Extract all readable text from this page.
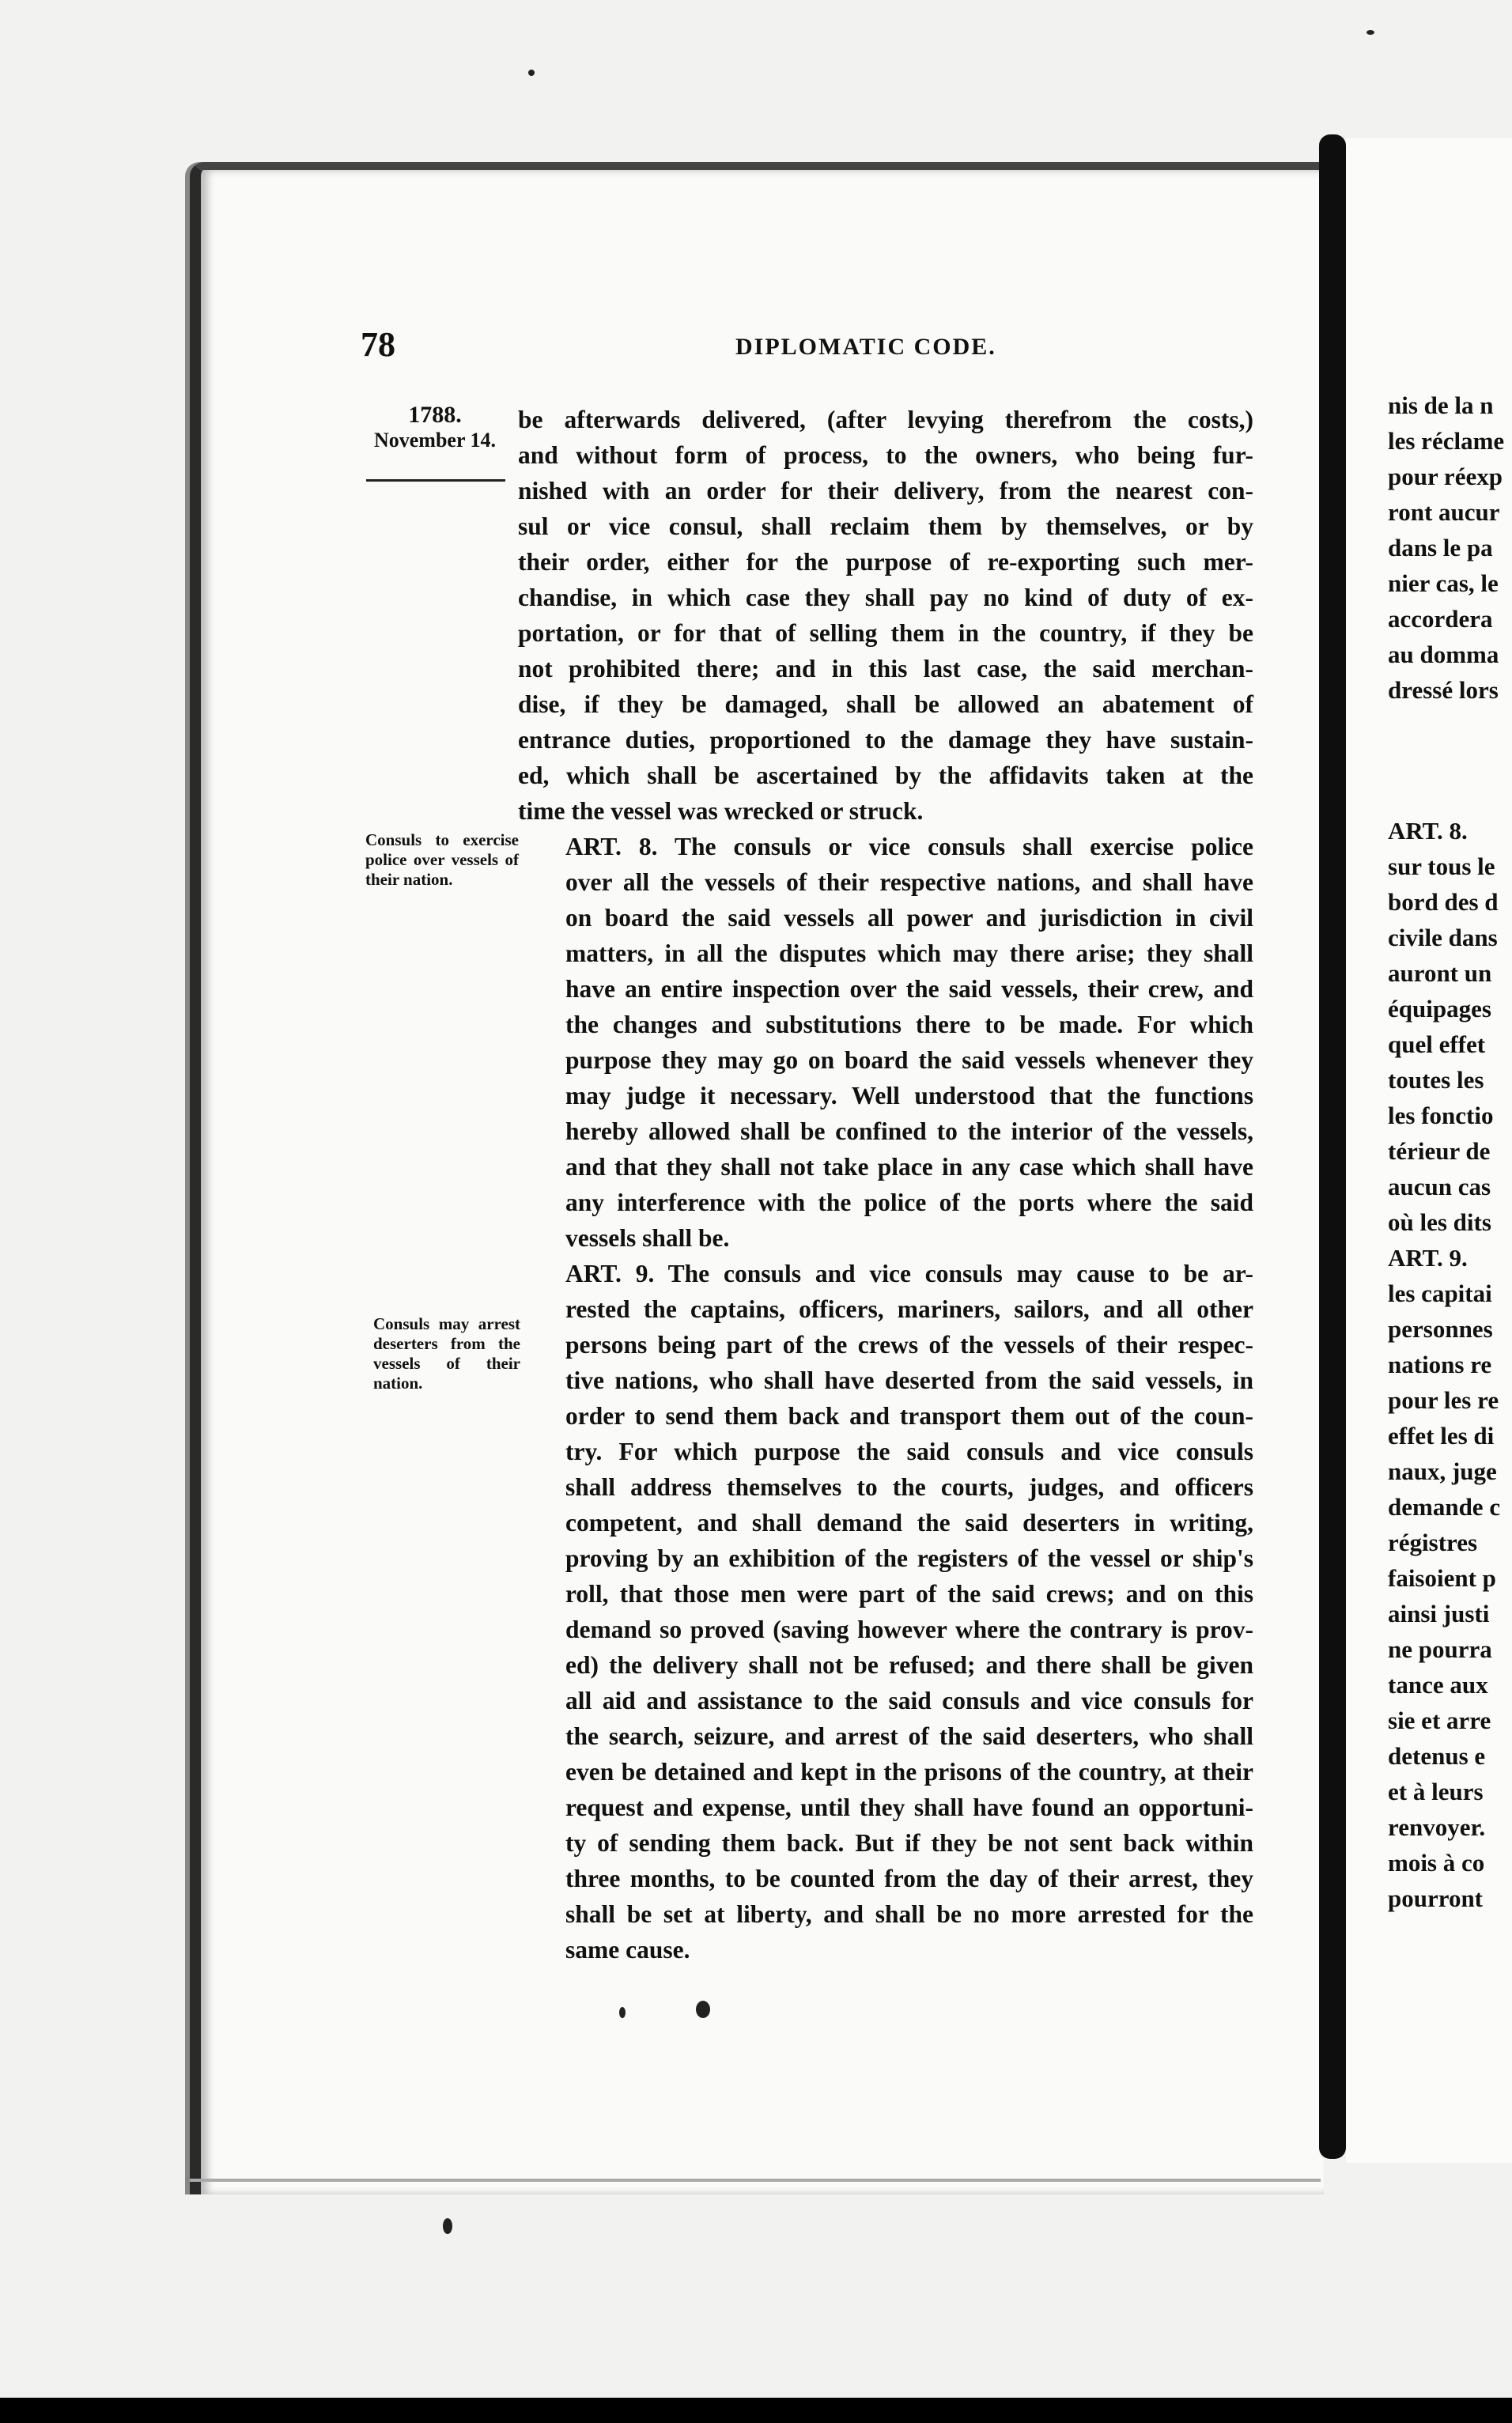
78	DIPLOMATIC CODE.
1788.
November 14.
Consuls to exercise police over vessels of their nation.
Consuls may arrest deserters from the vessels of their nation.

be afterwards delivered, (after levying therefrom the costs,)
and without form of process, to the owners, who being fur-
nished with an order for their delivery, from the nearest con-
sul or vice consul, shall reclaim them by themselves, or by
their order, either for the purpose of re-exporting such mer-
chandise, in which case they shall pay no kind of duty of ex-
portation, or for that of selling them in the country, if they be
not prohibited there; and in this last case, the said merchan-
dise, if they be damaged, shall be allowed an abatement of
entrance duties, proportioned to the damage they have sustain-
ed, which shall be ascertained by the affidavits taken at the
time the vessel was wrecked or struck.

ART. 8. The consuls or vice consuls shall exercise police
over all the vessels of their respective nations, and shall have
on board the said vessels all power and jurisdiction in civil
matters, in all the disputes which may there arise; they shall
have an entire inspection over the said vessels, their crew, and
the changes and substitutions there to be made. For which
purpose they may go on board the said vessels whenever they
may judge it necessary. Well understood that the functions
hereby allowed shall be confined to the interior of the vessels,
and that they shall not take place in any case which shall have
any interference with the police of the ports where the said
vessels shall be.

ART. 9. The consuls and vice consuls may cause to be ar-
rested the captains, officers, mariners, sailors, and all other
persons being part of the crews of the vessels of their respec-
tive nations, who shall have deserted from the said vessels, in
order to send them back and transport them out of the coun-
try. For which purpose the said consuls and vice consuls
shall address themselves to the courts, judges, and officers
competent, and shall demand the said deserters in writing,
proving by an exhibition of the registers of the vessel or ship's
roll, that those men were part of the said crews; and on this
demand so proved (saving however where the contrary is prov-
ed) the delivery shall not be refused; and there shall be given
all aid and assistance to the said consuls and vice consuls for
the search, seizure, and arrest of the said deserters, who shall
even be detained and kept in the prisons of the country, at their
request and expense, until they shall have found an opportuni-
ty of sending them back. But if they be not sent back within
three months, to be counted from the day of their arrest, they
shall be set at liberty, and shall be no more arrested for the
same cause.

nis de la n
les réclame
pour réexp
ront aucur
dans le pa
nier cas, le
accordera
au domma
dressé lors
ART. 8.
sur tous le
bord des d
civile dans
auront un
équipages
quel effet
toutes les
les fonctio
térieur de
aucun cas
où les dits
ART. 9.
les capitai
personnes
nations re
pour les re
effet les di
naux, juge
demande c
régistres
faisoient p
ainsi justi
ne pourra
tance aux
sie et arre
detenus e
et à leurs
renvoyer.
mois à co
pourront
